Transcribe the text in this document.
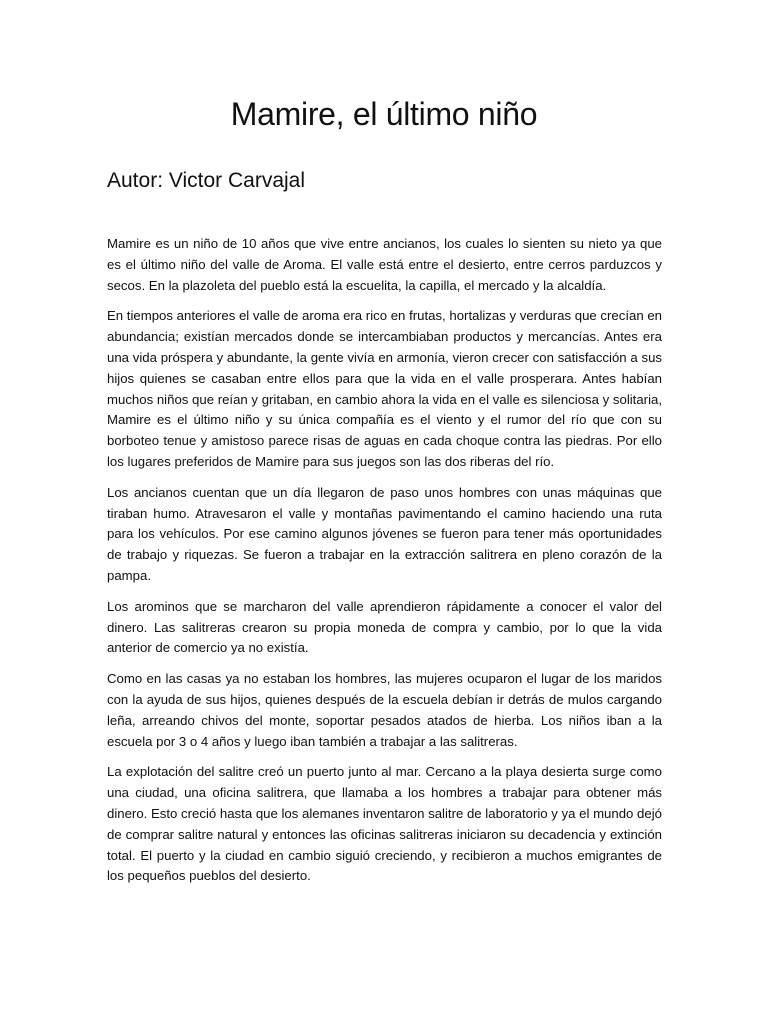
Mamire, el último niño
Autor: Victor Carvajal

Mamire es un niño de 10 años que vive entre ancianos, los cuales lo sienten su nieto ya que es el último niño del valle de Aroma. El valle está entre el desierto, entre cerros parduzcos y secos. En la plazoleta del pueblo está la escuelita, la capilla, el mercado y la alcaldía.

En tiempos anteriores el valle de aroma era rico en frutas, hortalizas y verduras que crecían en abundancia; existían mercados donde se intercambiaban productos y mercancías. Antes era una vida próspera y abundante, la gente vivía en armonía, vieron crecer con satisfacción a sus hijos quienes se casaban entre ellos para que la vida en el valle prosperara. Antes habían muchos niños que reían y gritaban, en cambio ahora la vida en el valle es silenciosa y solitaria, Mamire es el último niño y su única compañía es el viento y el rumor del río que con su borboteo tenue y amistoso parece risas de aguas en cada choque contra las piedras. Por ello los lugares preferidos de Mamire para sus juegos son las dos riberas del río.

Los ancianos cuentan que un día llegaron de paso unos hombres con unas máquinas que tiraban humo. Atravesaron el valle y montañas pavimentando el camino haciendo una ruta para los vehículos. Por ese camino algunos jóvenes se fueron para tener más oportunidades de trabajo y riquezas. Se fueron a trabajar en la extracción salitrera en pleno corazón de la pampa.

Los arominos que se marcharon del valle aprendieron rápidamente a conocer el valor del dinero. Las salitreras crearon su propia moneda de compra y cambio, por lo que la vida anterior de comercio ya no existía.

Como en las casas ya no estaban los hombres, las mujeres ocuparon el lugar de los maridos con la ayuda de sus hijos, quienes después de la escuela debían ir detrás de mulos cargando leña, arreando chivos del monte, soportar pesados atados de hierba. Los niños iban a la escuela por 3 o 4 años y luego iban también a trabajar a las salitreras.

La explotación del salitre creó un puerto junto al mar. Cercano a la playa desierta surge como una ciudad, una oficina salitrera, que llamaba a los hombres a trabajar para obtener más dinero. Esto creció hasta que los alemanes inventaron salitre de laboratorio y ya el mundo dejó de comprar salitre natural y entonces las oficinas salitreras iniciaron su decadencia y extinción total. El puerto y la ciudad en cambio siguió creciendo, y recibieron a muchos emigrantes de los pequeños pueblos del desierto.
